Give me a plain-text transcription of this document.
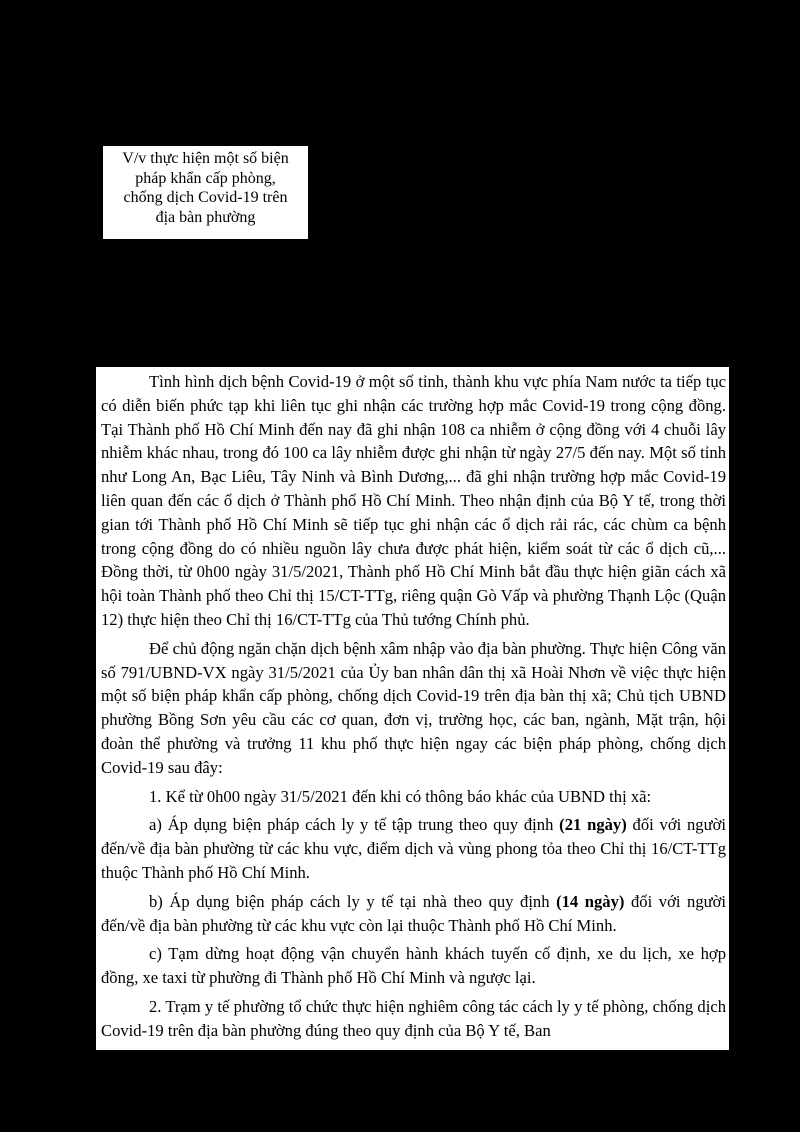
V/v thực hiện một số biện
pháp khẩn cấp phòng,
chống dịch Covid-19 trên
địa bàn phường

Tình hình dịch bệnh Covid-19 ở một số tỉnh, thành khu vực phía Nam nước ta tiếp tục có diễn biến phức tạp khi liên tục ghi nhận các trường hợp mắc Covid-19 trong cộng đồng. Tại Thành phố Hồ Chí Minh đến nay đã ghi nhận 108 ca nhiễm ở cộng đồng với 4 chuỗi lây nhiễm khác nhau, trong đó 100 ca lây nhiễm được ghi nhận từ ngày 27/5 đến nay. Một số tỉnh như Long An, Bạc Liêu, Tây Ninh và Bình Dương,... đã ghi nhận trường hợp mắc Covid-19 liên quan đến các ổ dịch ở Thành phố Hồ Chí Minh. Theo nhận định của Bộ Y tế, trong thời gian tới Thành phố Hồ Chí Minh sẽ tiếp tục ghi nhận các ổ dịch rải rác, các chùm ca bệnh trong cộng đồng do có nhiều nguồn lây chưa được phát hiện, kiểm soát từ các ổ dịch cũ,... Đồng thời, từ 0h00 ngày 31/5/2021, Thành phố Hồ Chí Minh bắt đầu thực hiện giãn cách xã hội toàn Thành phố theo Chỉ thị 15/CT-TTg, riêng quận Gò Vấp và phường Thạnh Lộc (Quận 12) thực hiện theo Chỉ thị 16/CT-TTg của Thủ tướng Chính phủ.

Để chủ động ngăn chặn dịch bệnh xâm nhập vào địa bàn phường. Thực hiện Công văn số 791/UBND-VX ngày 31/5/2021 của Ủy ban nhân dân thị xã Hoài Nhơn về việc thực hiện một số biện pháp khẩn cấp phòng, chống dịch Covid-19 trên địa bàn thị xã; Chủ tịch UBND phường Bồng Sơn yêu cầu các cơ quan, đơn vị, trường học, các ban, ngành, Mặt trận, hội đoàn thể phường và trưởng 11 khu phố thực hiện ngay các biện pháp phòng, chống dịch Covid-19 sau đây:

1. Kể từ 0h00 ngày 31/5/2021 đến khi có thông báo khác của UBND thị xã:

a) Áp dụng biện pháp cách ly y tế tập trung theo quy định (21 ngày) đối với người đến/về địa bàn phường từ các khu vực, điểm dịch và vùng phong tỏa theo Chỉ thị 16/CT-TTg thuộc Thành phố Hồ Chí Minh.

b) Áp dụng biện pháp cách ly y tế tại nhà theo quy định (14 ngày) đối với người đến/về địa bàn phường từ các khu vực còn lại thuộc Thành phố Hồ Chí Minh.

c) Tạm dừng hoạt động vận chuyển hành khách tuyến cố định, xe du lịch, xe hợp đồng, xe taxi từ phường đi Thành phố Hồ Chí Minh và ngược lại.

2. Trạm y tế phường tổ chức thực hiện nghiêm công tác cách ly y tế phòng, chống dịch Covid-19 trên địa bàn phường đúng theo quy định của Bộ Y tế, Ban
